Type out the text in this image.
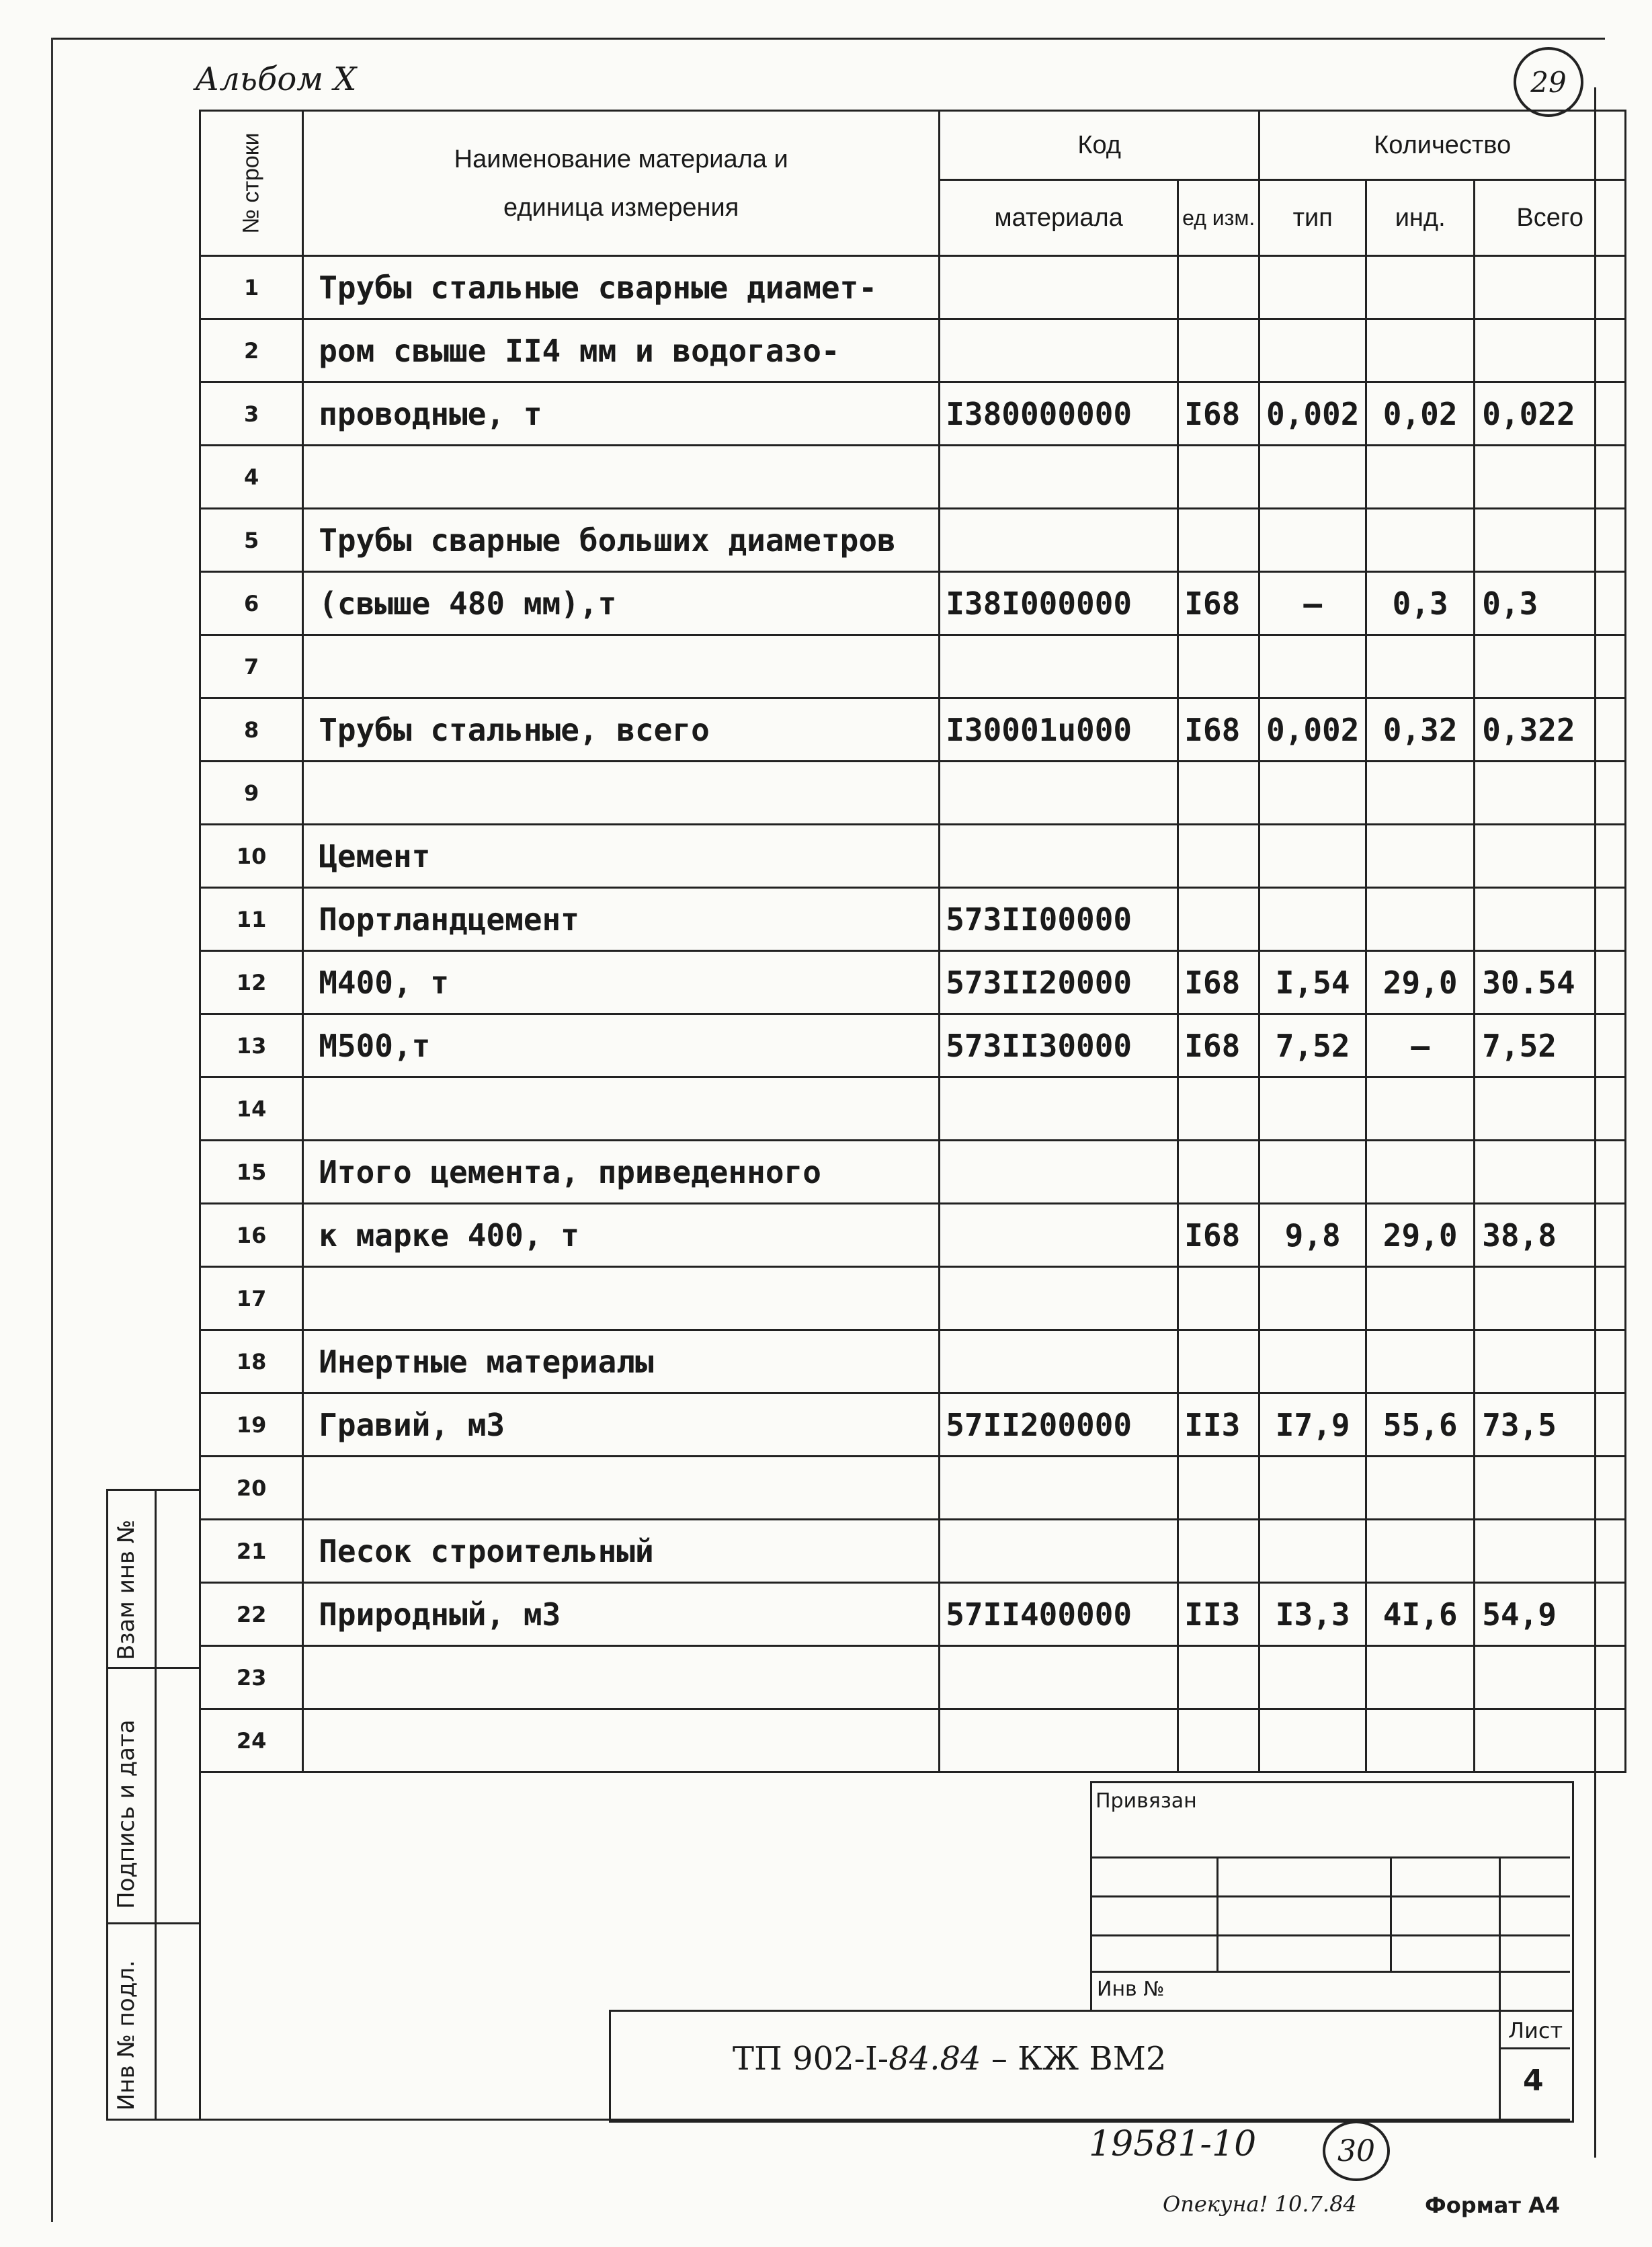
Альбом X	29
№ строки	Наименование материала и единица измерения	Код		Количество		
		материала	ед изм.	тип	инд.	Всего
1	Трубы стальные сварные диамет-					
2	ром свыше II4 мм и водогазо-					
3	проводные, т	I380000000	I68	0,002	0,02	0,022
4						
5	Трубы сварные больших диаметров					
6	(свыше 480 мм),т	I38I000000	I68	–	0,3	0,3
7						
8	Трубы стальные, всего	I30001u000	I68	0,002	0,32	0,322
9						
10	Цемент					
11	Портландцемент	573II00000				
12	М400, т	573II20000	I68	I,54	29,0	30.54
13	М500,т	573II30000	I68	7,52	–	7,52
14						
15	Итого цемента, приведенного					
16	к марке 400, т		I68	9,8	29,0	38,8
17						
18	Инертные материалы					
19	Гравий, м3	57II200000	II3	I7,9	55,6	73,5
20						
21	Песок строительный					
22	Природный, м3	57II400000	II3	I3,3	4I,6	54,9
23						
24						
Взам инв №
Подпись и дата
Инв № подл.
Привязан
Инв №
ТП 902-I-84.84 – КЖ ВМ2
Лист
4
19581-10	30
Опекуна! 10.7.84	Формат А4
